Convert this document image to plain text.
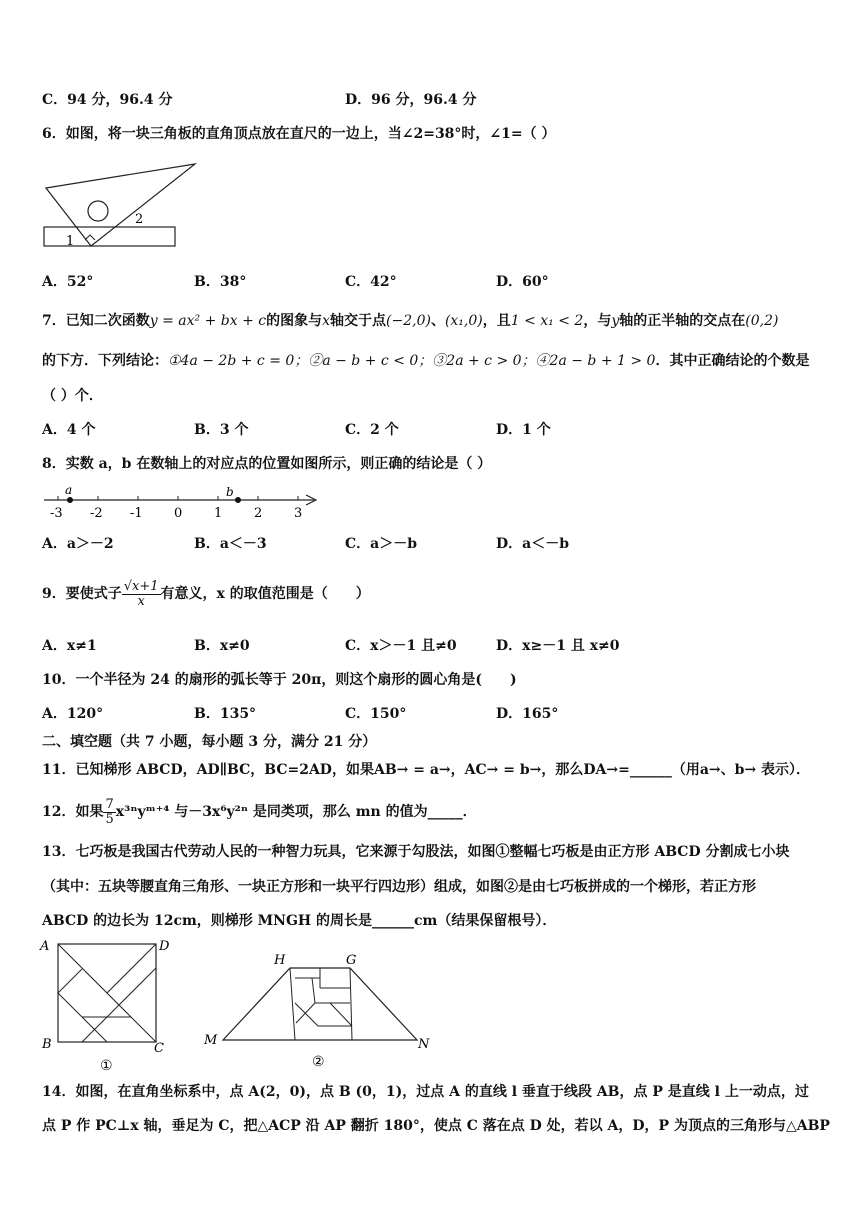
C．94 分，96.4 分	D．96 分，96.4 分
6．如图，将一块三角板的直角顶点放在直尺的一边上，当∠2=38°时，∠1=（ ）
1
2
A．52°	B．38°	C．42°	D．60°
7．已知二次函数y = ax² + bx + c的图象与x轴交于点(−2,0)、(x₁,0)，且1 < x₁ < 2，与y轴的正半轴的交点在(0,2)
的下方．下列结论：①4a − 2b + c = 0；②a − b + c < 0；③2a + c > 0；④2a − b + 1 > 0．其中正确结论的个数是
（ ）个．
A．4 个	B．3 个	C．2 个	D．1 个
8．实数 a，b 在数轴上的对应点的位置如图所示，则正确的结论是（ ）
-3 -2 -1 0 1 2 3
a	b
A．a＞－2	B．a＜－3	C．a＞－b	D．a＜－b
9．要使式子 $\frac{√x+1}{x}$ 有意义，x 的取值范围是（　　）
A．x≠1	B．x≠0	C．x＞－1 且≠0	D．x≥－1 且 x≠0
10．一个半径为 24 的扇形的弧长等于 20π，则这个扇形的圆心角是(　　)
A．120°	B．135°	C．150°	D．165°
二、填空题（共 7 小题，每小题 3 分，满分 21 分）
11．已知梯形 ABCD，AD∥BC，BC=2AD，如果AB→ = a→，AC→ = b→，那么DA→=______（用a→、b→ 表示）．
12．如果 $\frac{7}{5}$ x³ⁿyᵐ⁺⁴ 与－3x⁶y²ⁿ 是同类项，那么 mn 的值为_____．
13．七巧板是我国古代劳动人民的一种智力玩具，它来源于勾股法，如图①整幅七巧板是由正方形 ABCD 分割成七小块
（其中：五块等腰直角三角形、一块正方形和一块平行四边形）组成，如图②是由七巧板拼成的一个梯形，若正方形
ABCD 的边长为 12cm，则梯形 MNGH 的周长是______cm（结果保留根号）．
A	D
B	C
①
H	G
M	N
②
14．如图，在直角坐标系中，点 A(2，0)，点 B (0，1)，过点 A 的直线 l 垂直于线段 AB，点 P 是直线 l 上一动点，过
点 P 作 PC⊥x 轴，垂足为 C，把△ACP 沿 AP 翻折 180°，使点 C 落在点 D 处，若以 A，D，P 为顶点的三角形与△ABP
